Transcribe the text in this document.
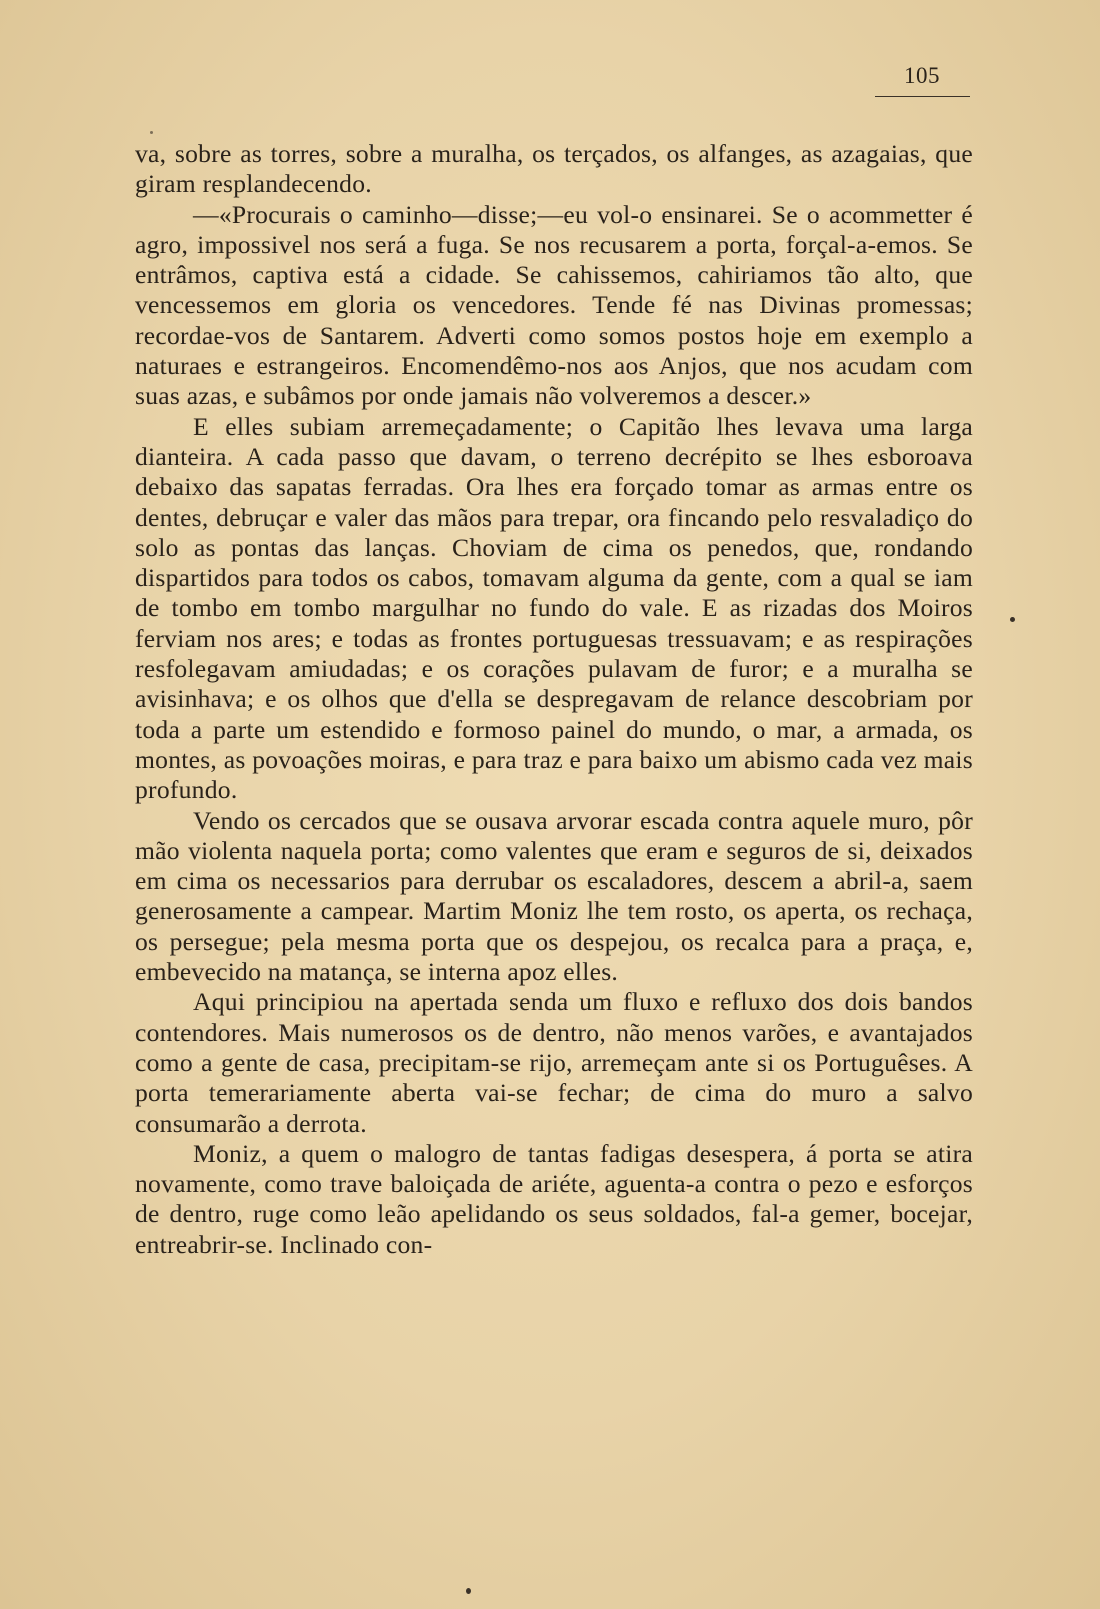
105

va, sobre as torres, sobre a muralha, os terçados, os alfanges, as azagaias, que giram resplandecendo.

—«Procurais o caminho—disse;—eu vol-o ensinarei. Se o acommetter é agro, impossivel nos será a fuga. Se nos recusarem a porta, forçal-a-emos. Se entrâmos, captiva está a cidade. Se cahissemos, cahiriamos tão alto, que vencessemos em gloria os vencedores. Tende fé nas Divinas promessas; recordae-vos de Santarem. Adverti como somos postos hoje em exemplo a naturaes e estrangeiros. Encomendêmo-nos aos Anjos, que nos acudam com suas azas, e subâmos por onde jamais não volveremos a descer.»

E elles subiam arremeçadamente; o Capitão lhes levava uma larga dianteira. A cada passo que davam, o terreno decrépito se lhes esboroava debaixo das sapatas ferradas. Ora lhes era forçado tomar as armas entre os dentes, debruçar e valer das mãos para trepar, ora fincando pelo resvaladiço do solo as pontas das lanças. Choviam de cima os penedos, que, rondando dispartidos para todos os cabos, tomavam alguma da gente, com a qual se iam de tombo em tombo margulhar no fundo do vale. E as rizadas dos Moiros ferviam nos ares; e todas as frontes portuguesas tressuavam; e as respirações resfolegavam amiudadas; e os corações pulavam de furor; e a muralha se avisinhava; e os olhos que d'ella se despregavam de relance descobriam por toda a parte um estendido e formoso painel do mundo, o mar, a armada, os montes, as povoações moiras, e para traz e para baixo um abismo cada vez mais profundo.

Vendo os cercados que se ousava arvorar escada contra aquele muro, pôr mão violenta naquela porta; como valentes que eram e seguros de si, deixados em cima os necessarios para derrubar os escaladores, descem a abril-a, saem generosamente a campear. Martim Moniz lhe tem rosto, os aperta, os rechaça, os persegue; pela mesma porta que os despejou, os recalca para a praça, e, embevecido na matança, se interna apoz elles.

Aqui principiou na apertada senda um fluxo e refluxo dos dois bandos contendores. Mais numerosos os de dentro, não menos varões, e avantajados como a gente de casa, precipitam-se rijo, arremeçam ante si os Portuguêses. A porta temerariamente aberta vai-se fechar; de cima do muro a salvo consumarão a derrota.

Moniz, a quem o malogro de tantas fadigas desespera, á porta se atira novamente, como trave baloiçada de ariéte, aguenta-a contra o pezo e esforços de dentro, ruge como leão apelidando os seus soldados, fal-a gemer, bocejar, entreabrir-se. Inclinado con-
